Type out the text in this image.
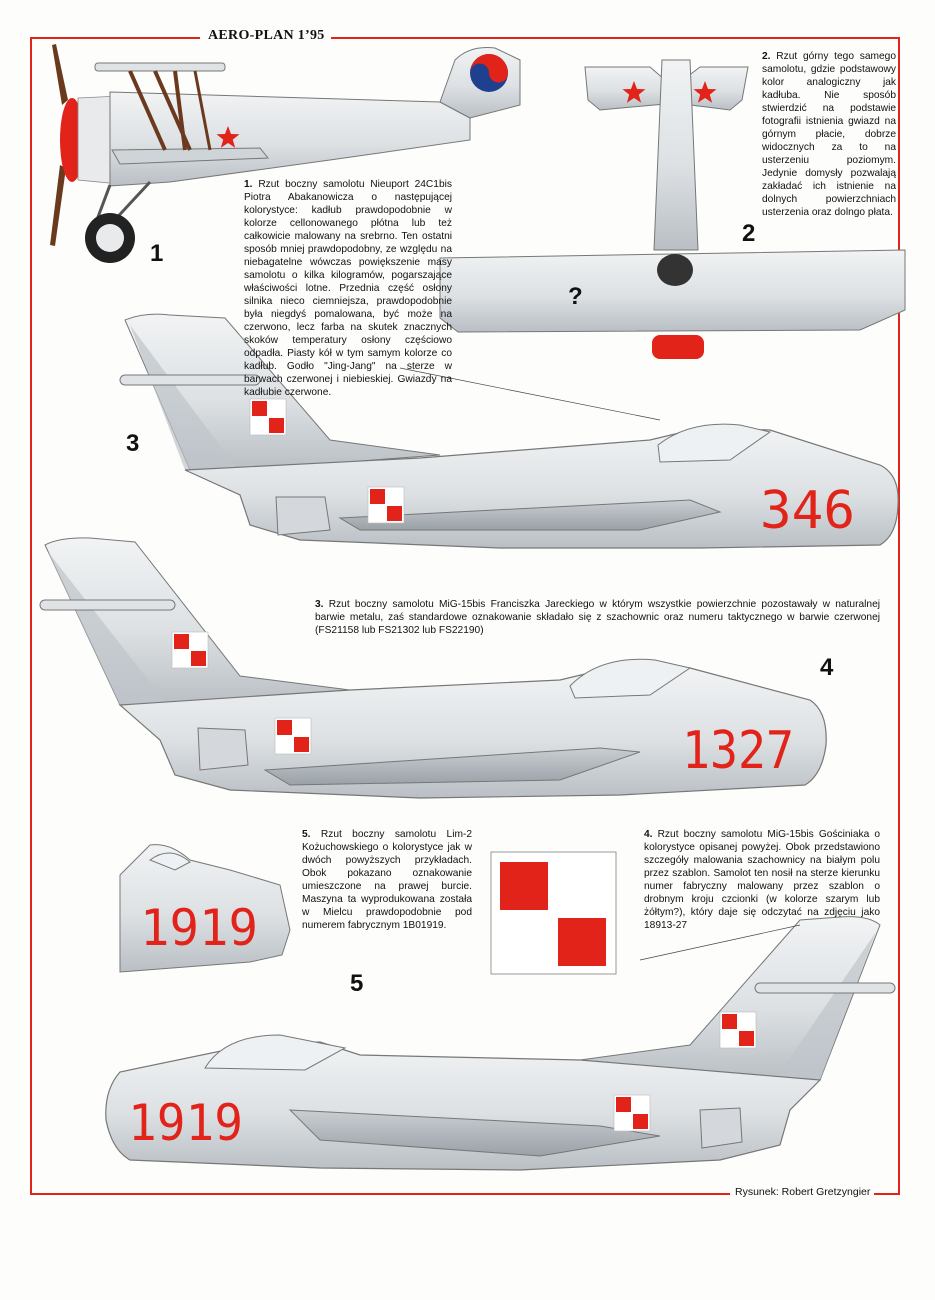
AERO-PLAN 1’95
346
1327
1919
1919
1
2
3
4
5
?
1. Rzut boczny samolotu Nieuport 24C1bis Piotra Abakanowicza o następującej kolorystyce: kadłub prawdopodobnie w kolorze cellonowanego płótna lub też całkowicie malowany na srebrno. Ten ostatni sposób mniej prawdopodobny, ze względu na niebagatelne wówczas powiększenie masy samolotu o kilka kilogramów, pogarszające właściwości lotne. Przednia część osłony silnika nieco ciemniejsza, prawdopodobnie była niegdyś pomalowana, być może na czerwono, lecz farba na skutek znacznych skoków temperatury osłony częściowo odpadła. Piasty kół w tym samym kolorze co kadłub. Godło "Jing-Jang" na sterze w barwach czerwonej i niebieskiej. Gwiazdy na kadłubie czerwone.
2. Rzut górny tego samego samolotu, gdzie podstawowy kolor analogiczny jak kadłuba. Nie sposób stwierdzić na podstawie fotografii istnienia gwiazd na górnym płacie, dobrze widocznych za to na usterzeniu poziomym. Jedynie domysły pozwalają zakładać ich istnienie na dolnych powierzchniach usterzenia oraz dolngo płata.
3. Rzut boczny samolotu MiG-15bis Franciszka Jareckiego w którym wszystkie powierzchnie pozostawały w naturalnej barwie metalu, zaś standardowe oznakowanie składało się z szachownic oraz numeru taktycznego w barwie czerwonej (FS21158 lub FS21302 lub FS22190)
4. Rzut boczny samolotu MiG-15bis Gościniaka o kolorystyce opisanej powyżej. Obok przedstawiono szczegóły malowania szachownicy na białym polu przez szablon. Samolot ten nosił na sterze kierunku numer fabryczny malowany przez szablon o drobnym kroju czcionki (w kolorze szarym lub żółtym?), który daje się odczytać na zdjęciu jako 18913-27
5. Rzut boczny samolotu Lim-2 Kożuchowskiego o kolorystyce jak w dwóch powyższych przykładach. Obok pokazano oznakowanie umieszczone na prawej burcie. Maszyna ta wyprodukowana została w Mielcu prawdopodobnie pod numerem fabrycznym 1B01919.
Rysunek: Robert Gretzyngier
